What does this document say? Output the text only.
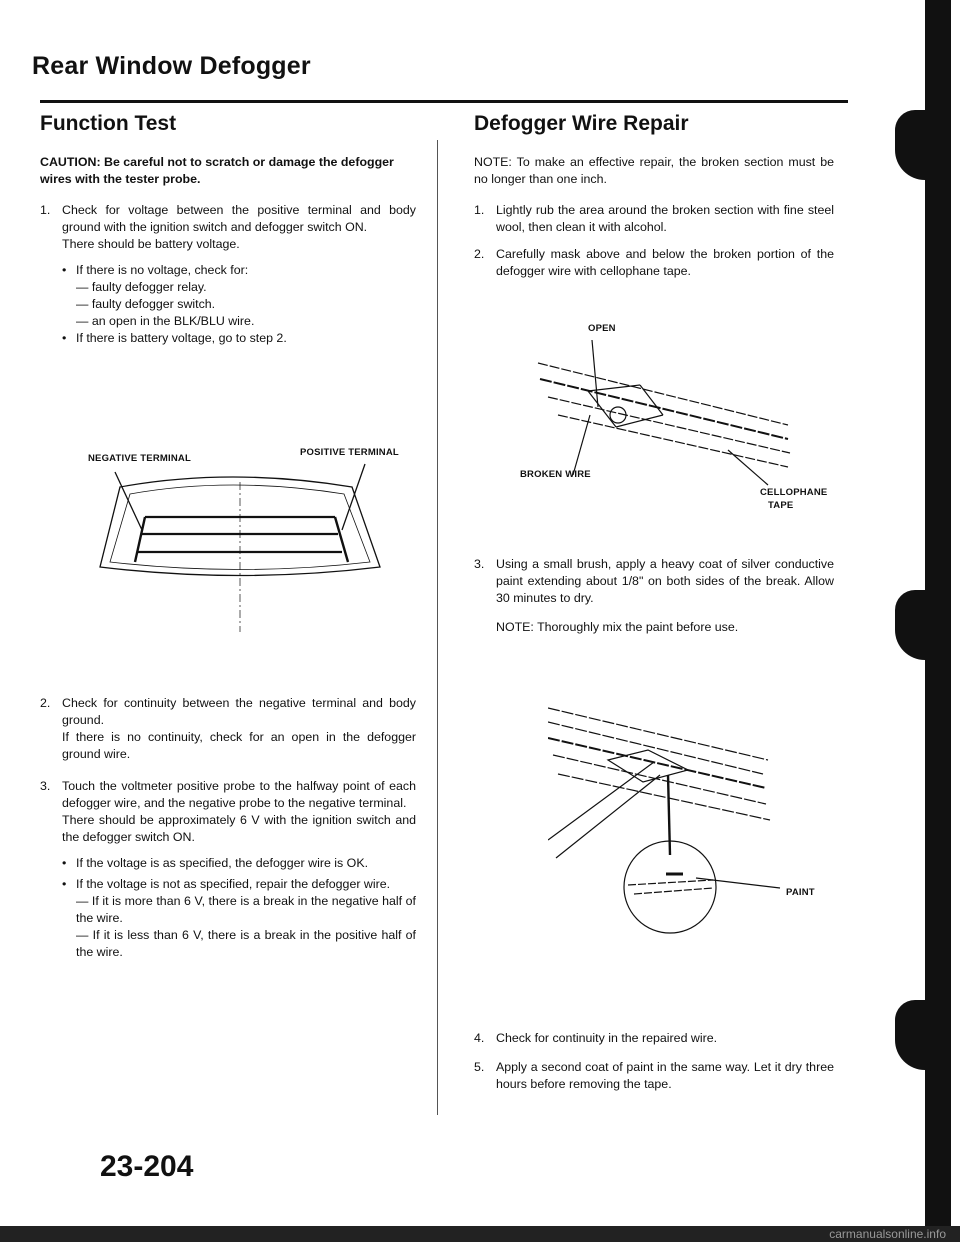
Rear Window Defogger
Function Test

CAUTION: Be careful not to scratch or damage the defogger wires with the tester probe.

1. Check for voltage between the positive terminal and body ground with the ignition switch and defogger switch ON.

There should be battery voltage.

• If there is no voltage, check for:

— faulty defogger relay.

— faulty defogger switch.

— an open in the BLK/BLU wire.

• If there is battery voltage, go to step 2.

NEGATIVE TERMINAL
POSITIVE TERMINAL
2. Check for continuity between the negative terminal and body ground.

If there is no continuity, check for an open in the defogger ground wire.

3. Touch the voltmeter positive probe to the halfway point of each defogger wire, and the negative probe to the negative terminal.

There should be approximately 6 V with the ignition switch and the defogger switch ON.

• If the voltage is as specified, the defogger wire is OK.

• If the voltage is not as specified, repair the defogger wire.

— If it is more than 6 V, there is a break in the negative half of the wire.

— If it is less than 6 V, there is a break in the positive half of the wire.

Defogger Wire Repair

NOTE: To make an effective repair, the broken section must be no longer than one inch.

1. Lightly rub the area around the broken section with fine steel wool, then clean it with alcohol.

2. Carefully mask above and below the broken portion of the defogger wire with cellophane tape.

OPEN
BROKEN WIRE
CELLOPHANE
TAPE
3. Using a small brush, apply a heavy coat of silver conductive paint extending about 1/8" on both sides of the break. Allow 30 minutes to dry.

NOTE: Thoroughly mix the paint before use.

PAINT
4. Check for continuity in the repaired wire.

5. Apply a second coat of paint in the same way. Let it dry three hours before removing the tape.

23-204
carmanualsonline.info
